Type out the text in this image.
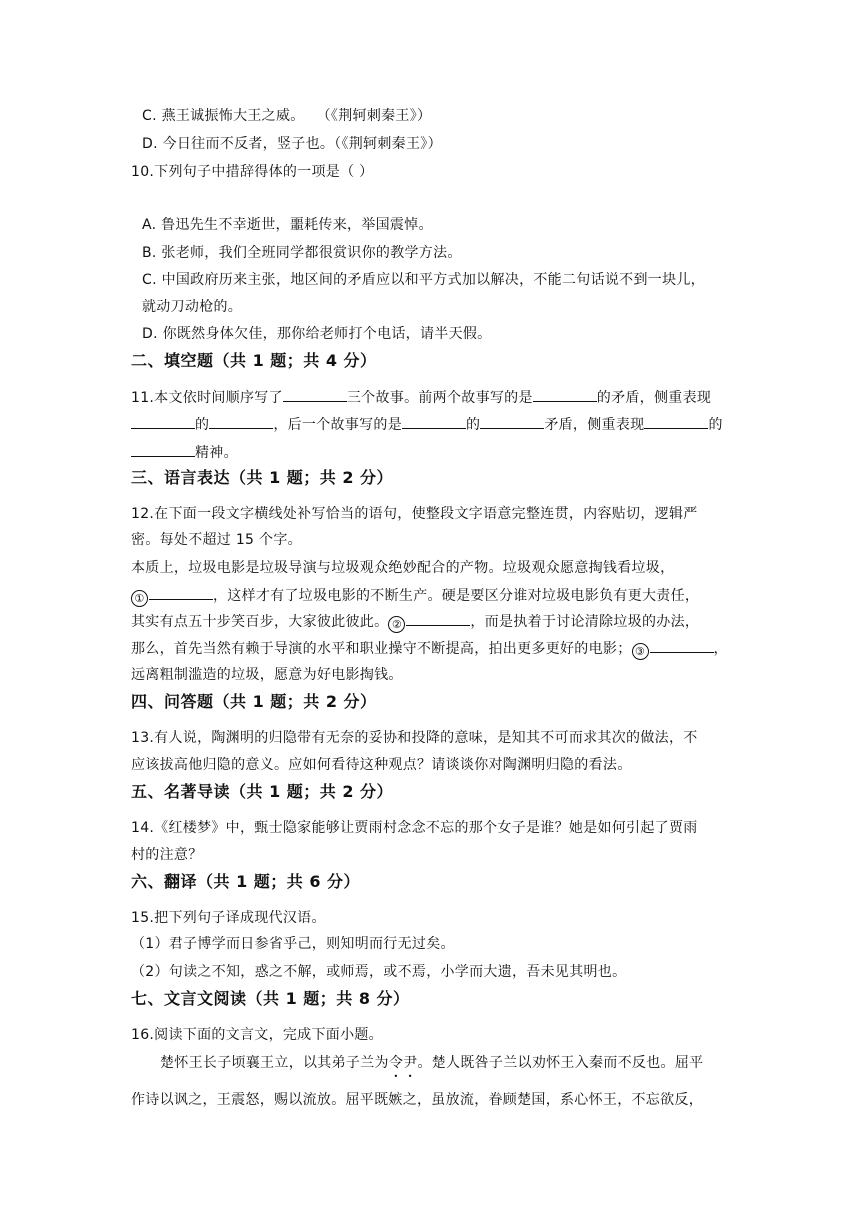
C. 燕王诚振怖大王之威。　 （《荆轲刺秦王》）
D. 今日往而不反者，竖子也。（《荆轲刺秦王》）
10.下列句子中措辞得体的一项是（ ）
A. 鲁迅先生不幸逝世，噩耗传来，举国震悼。
B. 张老师，我们全班同学都很赏识你的教学方法。
C. 中国政府历来主张，地区间的矛盾应以和平方式加以解决，不能二句话说不到一块儿，
就动刀动枪的。
D. 你既然身体欠佳，那你给老师打个电话，请半天假。
二、填空题（共 1 题；共 4 分）
11.本文依时间顺序写了	三个故事。前两个故事写的是	的矛盾，侧重表现
的	，后一个故事写的是	的	矛盾，侧重表现	的
精神。
三、语言表达（共 1 题；共 2 分）
12.在下面一段文字横线处补写恰当的语句，使整段文字语意完整连贯，内容贴切，逻辑严
密。每处不超过 15 个字。
本质上，垃圾电影是垃圾导演与垃圾观众绝妙配合的产物。垃圾观众愿意掏钱看垃圾，
①	，这样才有了垃圾电影的不断生产。硬是要区分谁对垃圾电影负有更大责任，
其实有点五十步笑百步，大家彼此彼此。 ②	，而是执着于讨论清除垃圾的办法，
那么，首先当然有赖于导演的水平和职业操守不断提高，拍出更多更好的电影； ③	，
远离粗制滥造的垃圾，愿意为好电影掏钱。
四、问答题（共 1 题；共 2 分）
13.有人说，陶渊明的归隐带有无奈的妥协和投降的意味，是知其不可而求其次的做法，不
应该拔高他归隐的意义。应如何看待这种观点？请谈谈你对陶渊明归隐的看法。
五、名著导读（共 1 题；共 2 分）
14.《红楼梦》中，甄士隐家能够让贾雨村念念不忘的那个女子是谁？她是如何引起了贾雨
村的注意？
六、翻译（共 1 题；共 6 分）
15.把下列句子译成现代汉语。
（1）君子博学而日参省乎己，则知明而行无过矣。
（2）句读之不知，惑之不解，或师焉，或不焉，小学而大遗，吾未见其明也。
七、文言文阅读（共 1 题；共 8 分）
16.阅读下面的文言文，完成下面小题。
楚怀王长子顷襄王立，以其弟子兰为令尹。楚人既咎子兰以劝怀王入秦而不反也。屈平
作诗以讽之，王震怒，赐以流放。屈平既嫉之，虽放流，眷顾楚国，系心怀王，不忘欲反，
